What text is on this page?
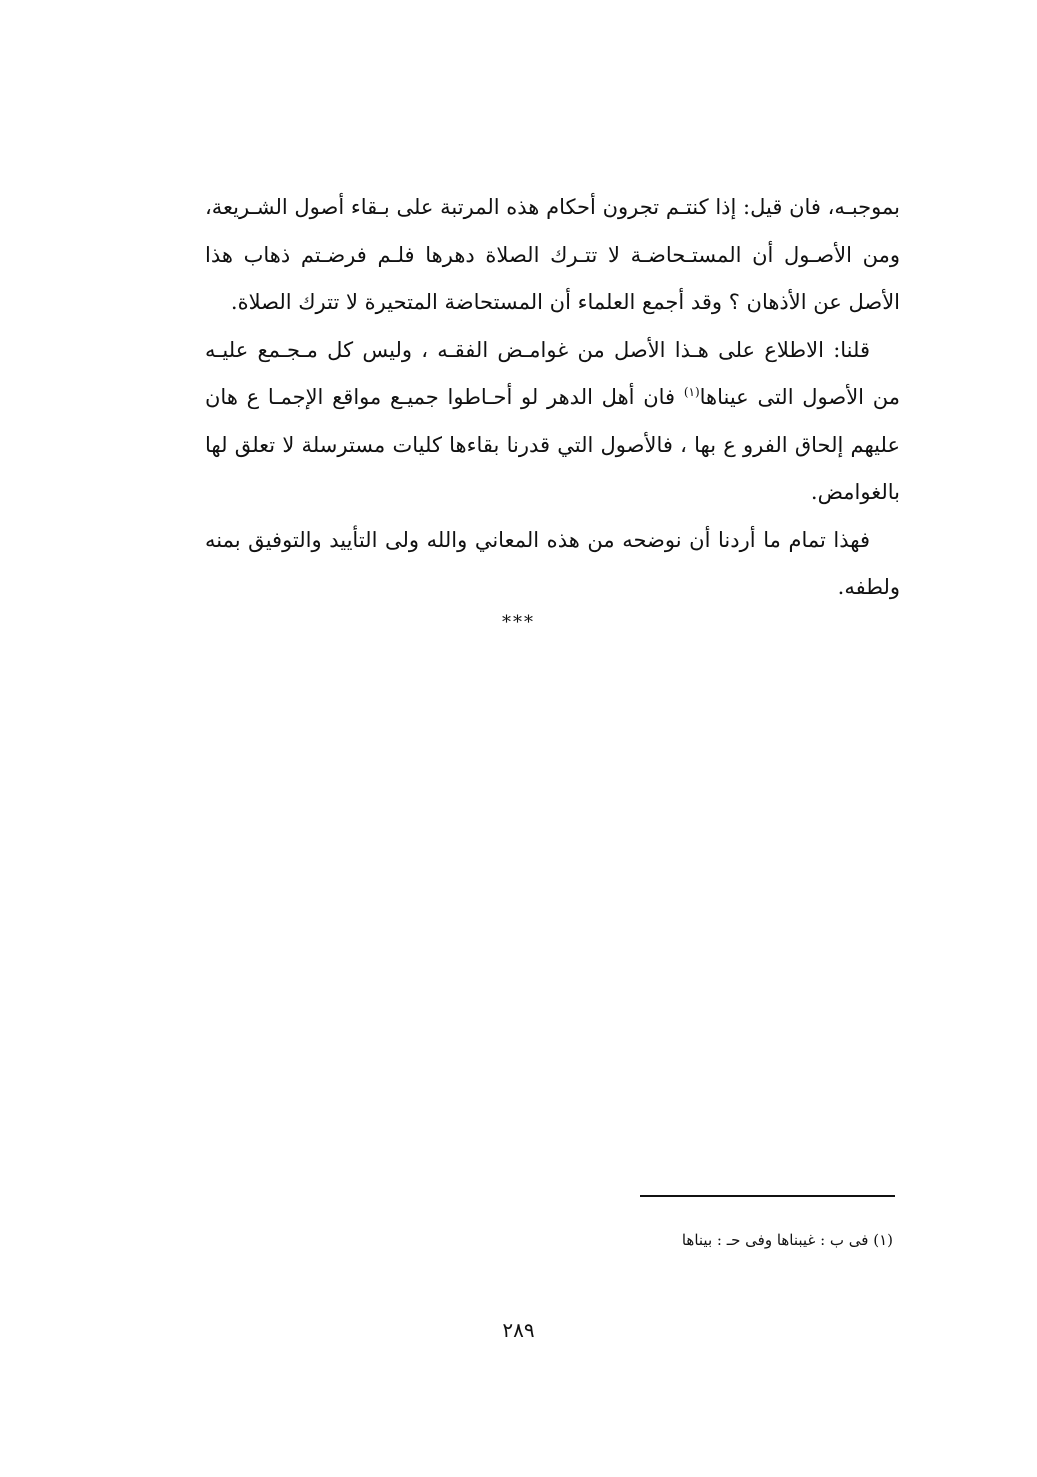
بموجبـه، فان قيل: إذا كنتـم تجرون أحكام هذه المرتبة على بـقاء أصول الشـريعة، ومن الأصـول أن المستـحاضـة لا تتـرك الصلاة دهرها فلـم فرضـتم ذهاب هذا الأصل عن الأذهان ؟ وقد أجمع العلماء أن المستحاضة المتحيرة لا تترك الصلاة.

قلنا: الاطلاع على هـذا الأصل من غوامـض الفقـه ، وليس كل مـجـمع عليـه من الأصول التى عيناها$^{(١)}$ فان أهل الدهر لو أحـاطوا جميـع مواقع الإجمـا ع هان عليهم إلحاق الفرو ع بها ، فالأصول التي قدرنا بقاءها كليات مسترسلة لا تعلق لها بالغوامض.

فهذا تمام ما أردنا أن نوضحه من هذه المعاني والله ولى التأييد والتوفيق بمنه ولطفه.

***
(١) فى ب : غيبناها وفى حـ : بيناها
٢٨٩
